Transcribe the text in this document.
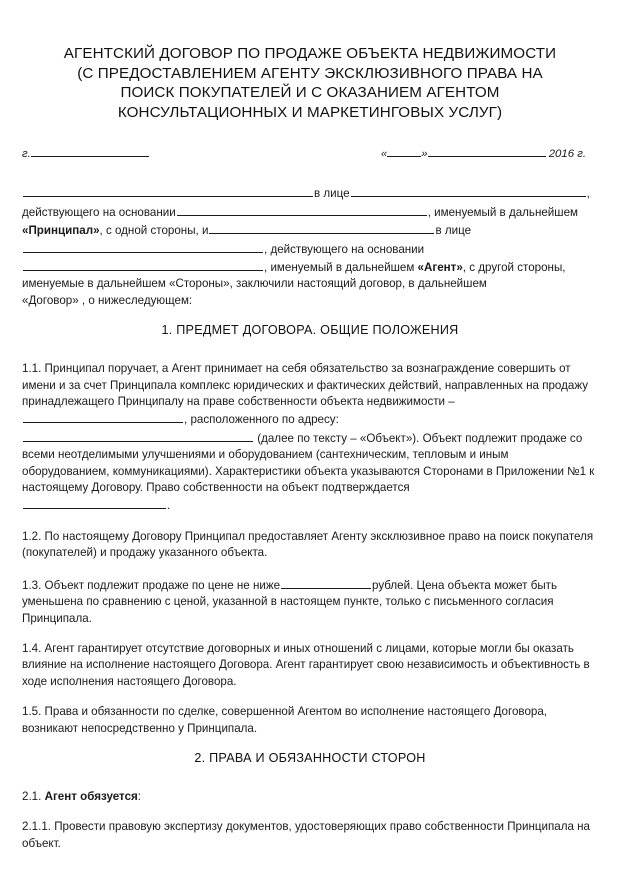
АГЕНТСКИЙ ДОГОВОР ПО ПРОДАЖЕ ОБЪЕКТА НЕДВИЖИМОСТИ (С ПРЕДОСТАВЛЕНИЕМ АГЕНТУ ЭКСКЛЮЗИВНОГО ПРАВА НА ПОИСК ПОКУПАТЕЛЕЙ И С ОКАЗАНИЕМ АГЕНТОМ КОНСУЛЬТАЦИОННЫХ И МАРКЕТИНГОВЫХ УСЛУГ)
г.	«	»	2016 г.

в лице	,
действующего на основании	, именуемый в дальнейшем
«Принципал», с одной стороны, и	в лице
, действующего на основании
, именуемый в дальнейшем «Агент», с другой стороны,
именуемые в дальнейшем «Стороны», заключили настоящий договор, в дальнейшем
«Договор» , о нижеследующем:

1. ПРЕДМЕТ ДОГОВОРА. ОБЩИЕ ПОЛОЖЕНИЯ

1.1. Принципал поручает, а Агент принимает на себя обязательство за вознаграждение совершить от имени и за счет Принципала комплекс юридических и фактических действий, направленных на продажу принадлежащего Принципалу на праве собственности объекта недвижимости –, расположенного по адресу:
(далее по тексту – «Объект»). Объект подлежит продаже со всеми неотделимыми улучшениями и оборудованием (сантехническим, тепловым и иным оборудованием, коммуникациями). Характеристики объекта указываются Сторонами в Приложении №1 к настоящему Договору. Право собственности на объект подтверждается
.

1.2. По настоящему Договору Принципал предоставляет Агенту эксклюзивное право на поиск покупателя (покупателей) и продажу указанного объекта.

1.3. Объект подлежит продаже по цене не ниже	рублей. Цена объекта может быть уменьшена по сравнению с ценой, указанной в настоящем пункте, только с письменного согласия Принципала.

1.4. Агент гарантирует отсутствие договорных и иных отношений с лицами, которые могли бы оказать влияние на исполнение настоящего Договора. Агент гарантирует свою независимость и объективность в ходе исполнения настоящего Договора.

1.5. Права и обязанности по сделке, совершенной Агентом во исполнение настоящего Договора, возникают непосредственно у Принципала.

2. ПРАВА И ОБЯЗАННОСТИ СТОРОН

2.1. Агент обязуется:

2.1.1. Провести правовую экспертизу документов, удостоверяющих право собственности Принципала на объект.
